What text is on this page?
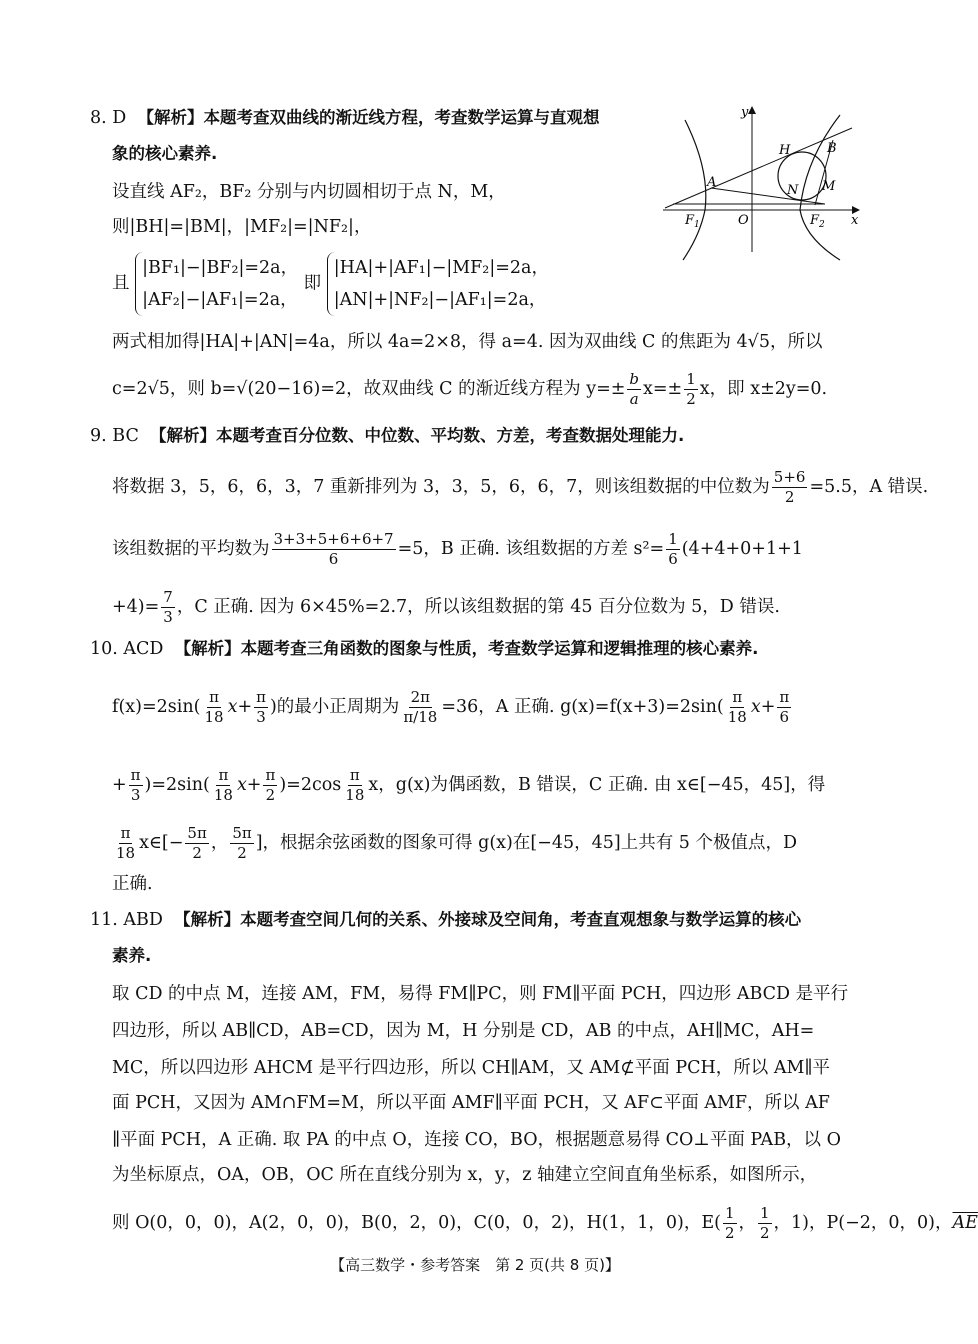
y
x
O
A
H	B
N M
$F_1$	$F_2$
8. D 【解析】本题考查双曲线的渐近线方程，考查数学运算与直观想
象的核心素养.
设直线 AF₂，BF₂ 分别与内切圆相切于点 N，M，
则|BH|=|BM|，|MF₂|=|NF₂|，
且
|BF₁|−|BF₂|=2a，
|AF₂|−|AF₁|=2a，
即
|HA|+|AF₁|−|MF₂|=2a，
|AN|+|NF₂|−|AF₁|=2a，
两式相加得|HA|+|AN|=4a，所以 4a=2×8，得 a=4. 因为双曲线 C 的焦距为 4√5，所以
c=2√5，则 b=√(20−16)=2，故双曲线 C 的渐近线方程为 $y=\pm \frac{b}{a} x=\pm \frac{1}{2}$ x，即 x±2y=0.
9. BC 【解析】本题考查百分位数、中位数、平均数、方差，考查数据处理能力.
将数据 3，5，6，6，3，7 重新排列为 3，3，5，6，6，7，则该组数据的中位数为 $\frac{5+6}{2} =5.5$，A 错误.
该组数据的平均数为 $\frac{3+3+5+6+6+7}{6} =5$，B 正确. 该组数据的方差 $s^2= \frac{1}{6} (4+4+0+1+1$
$+4)= \frac{7}{3}$ ，C 正确. 因为 6×45%=2.7，所以该组数据的第 45 百分位数为 5，D 错误.
10. ACD 【解析】本题考查三角函数的图象与性质，考查数学运算和逻辑推理的核心素养.
$f(x)=2\sin( \frac{\pi}{18} x+ \frac{\pi}{3}$ )的最小正周期为 $\frac{2\pi}{\pi/18} =36$，A 正确. $g(x)=f(x+3)=2\sin( \frac{\pi}{18} x+ \frac{\pi}{6}$
+ $\frac{\pi}{3} )=2\sin( \frac{\pi}{18} x+ \frac{\pi}{2} )=2\cos \frac{\pi}{18}$ x，g(x)为偶函数，B 错误，C 正确. 由 x∈[−45，45]，得
$\frac{\pi}{18}$ x∈[− $\frac{5\pi}{2}$ ， $\frac{5\pi}{2}$ ]，根据余弦函数的图象可得 g(x)在[−45，45]上共有 5 个极值点，D
正确.
11. ABD 【解析】本题考查空间几何的关系、外接球及空间角，考查直观想象与数学运算的核心
素养.
取 CD 的中点 M，连接 AM，FM，易得 FM∥PC，则 FM∥平面 PCH，四边形 ABCD 是平行
四边形，所以 AB∥CD，AB=CD，因为 M，H 分别是 CD，AB 的中点，AH∥MC，AH=
MC，所以四边形 AHCM 是平行四边形，所以 CH∥AM，又 AM⊄平面 PCH，所以 AM∥平
面 PCH，又因为 AM∩FM=M，所以平面 AMF∥平面 PCH，又 AF⊂平面 AMF，所以 AF
∥平面 PCH，A 正确. 取 PA 的中点 O，连接 CO，BO，根据题意易得 CO⊥平面 PAB，以 O
为坐标原点，OA，OB，OC 所在直线分别为 x，y，z 轴建立空间直角坐标系，如图所示，
则 O(0，0，0)，A(2，0，0)，B(0，2，0)，C(0，0，2)，H(1，1，0)，$E( \frac{1}{2}$ ， $\frac{1}{2}$ ，1)，P(−2，0，0)，$\overline{AE}$
【高三数学・参考答案　第 2 页(共 8 页)】
